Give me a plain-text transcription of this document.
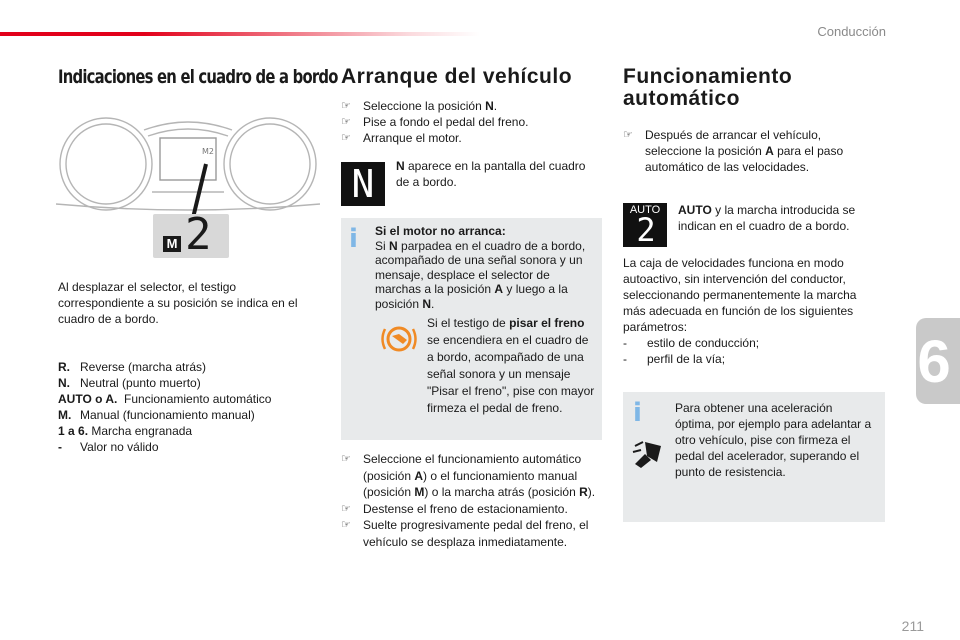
Conducción
6
Indicaciones en el cuadro de a bordo
M2
M 2
Al desplazar el selector, el testigo correspondiente a su posición se indica en el cuadro de a bordo.
R. Reverse (marcha atrás)
N. Neutral (punto muerto)
AUTO o A. Funcionamiento automático
M. Manual (funcionamiento manual)
1 a 6. Marcha engranada
- Valor no válido
Arranque del vehículo
☞ Seleccione la posición N.
☞ Pise a fondo el pedal del freno.
☞ Arranque el motor.
N	N aparece en la pantalla del cuadro de a bordo.
i Si el motor no arranca:
Si N parpadea en el cuadro de a bordo, acompañado de una señal sonora y un mensaje, desplace el selector de marchas a la posición A y luego a la posición N.
Si el testigo de pisar el freno se encendiera en el cuadro de a bordo, acompañado de una señal sonora y un mensaje "Pisar el freno", pise con mayor firmeza el pedal de freno.
☞ Seleccione el funcionamiento automático (posición A) o el funcionamiento manual (posición M) o la marcha atrás (posición R).
☞ Destense el freno de estacionamiento.
☞ Suelte progresivamente pedal del freno, el vehículo se desplaza inmediatamente.
Funcionamiento
automático
☞ Después de arrancar el vehículo, seleccione la posición A para el paso automático de las velocidades.
AUTO
2
AUTO y la marcha introducida se indican en el cuadro de a bordo.
La caja de velocidades funciona en modo autoactivo, sin intervención del conductor, seleccionando permanentemente la marcha más adecuada en función de los siguientes parámetros:
- estilo de conducción;
- perfil de la vía;
i	Para obtener una aceleración óptima, por ejemplo para adelantar a otro vehículo, pise con firmeza el pedal del acelerador, superando el punto de resistencia.
211
